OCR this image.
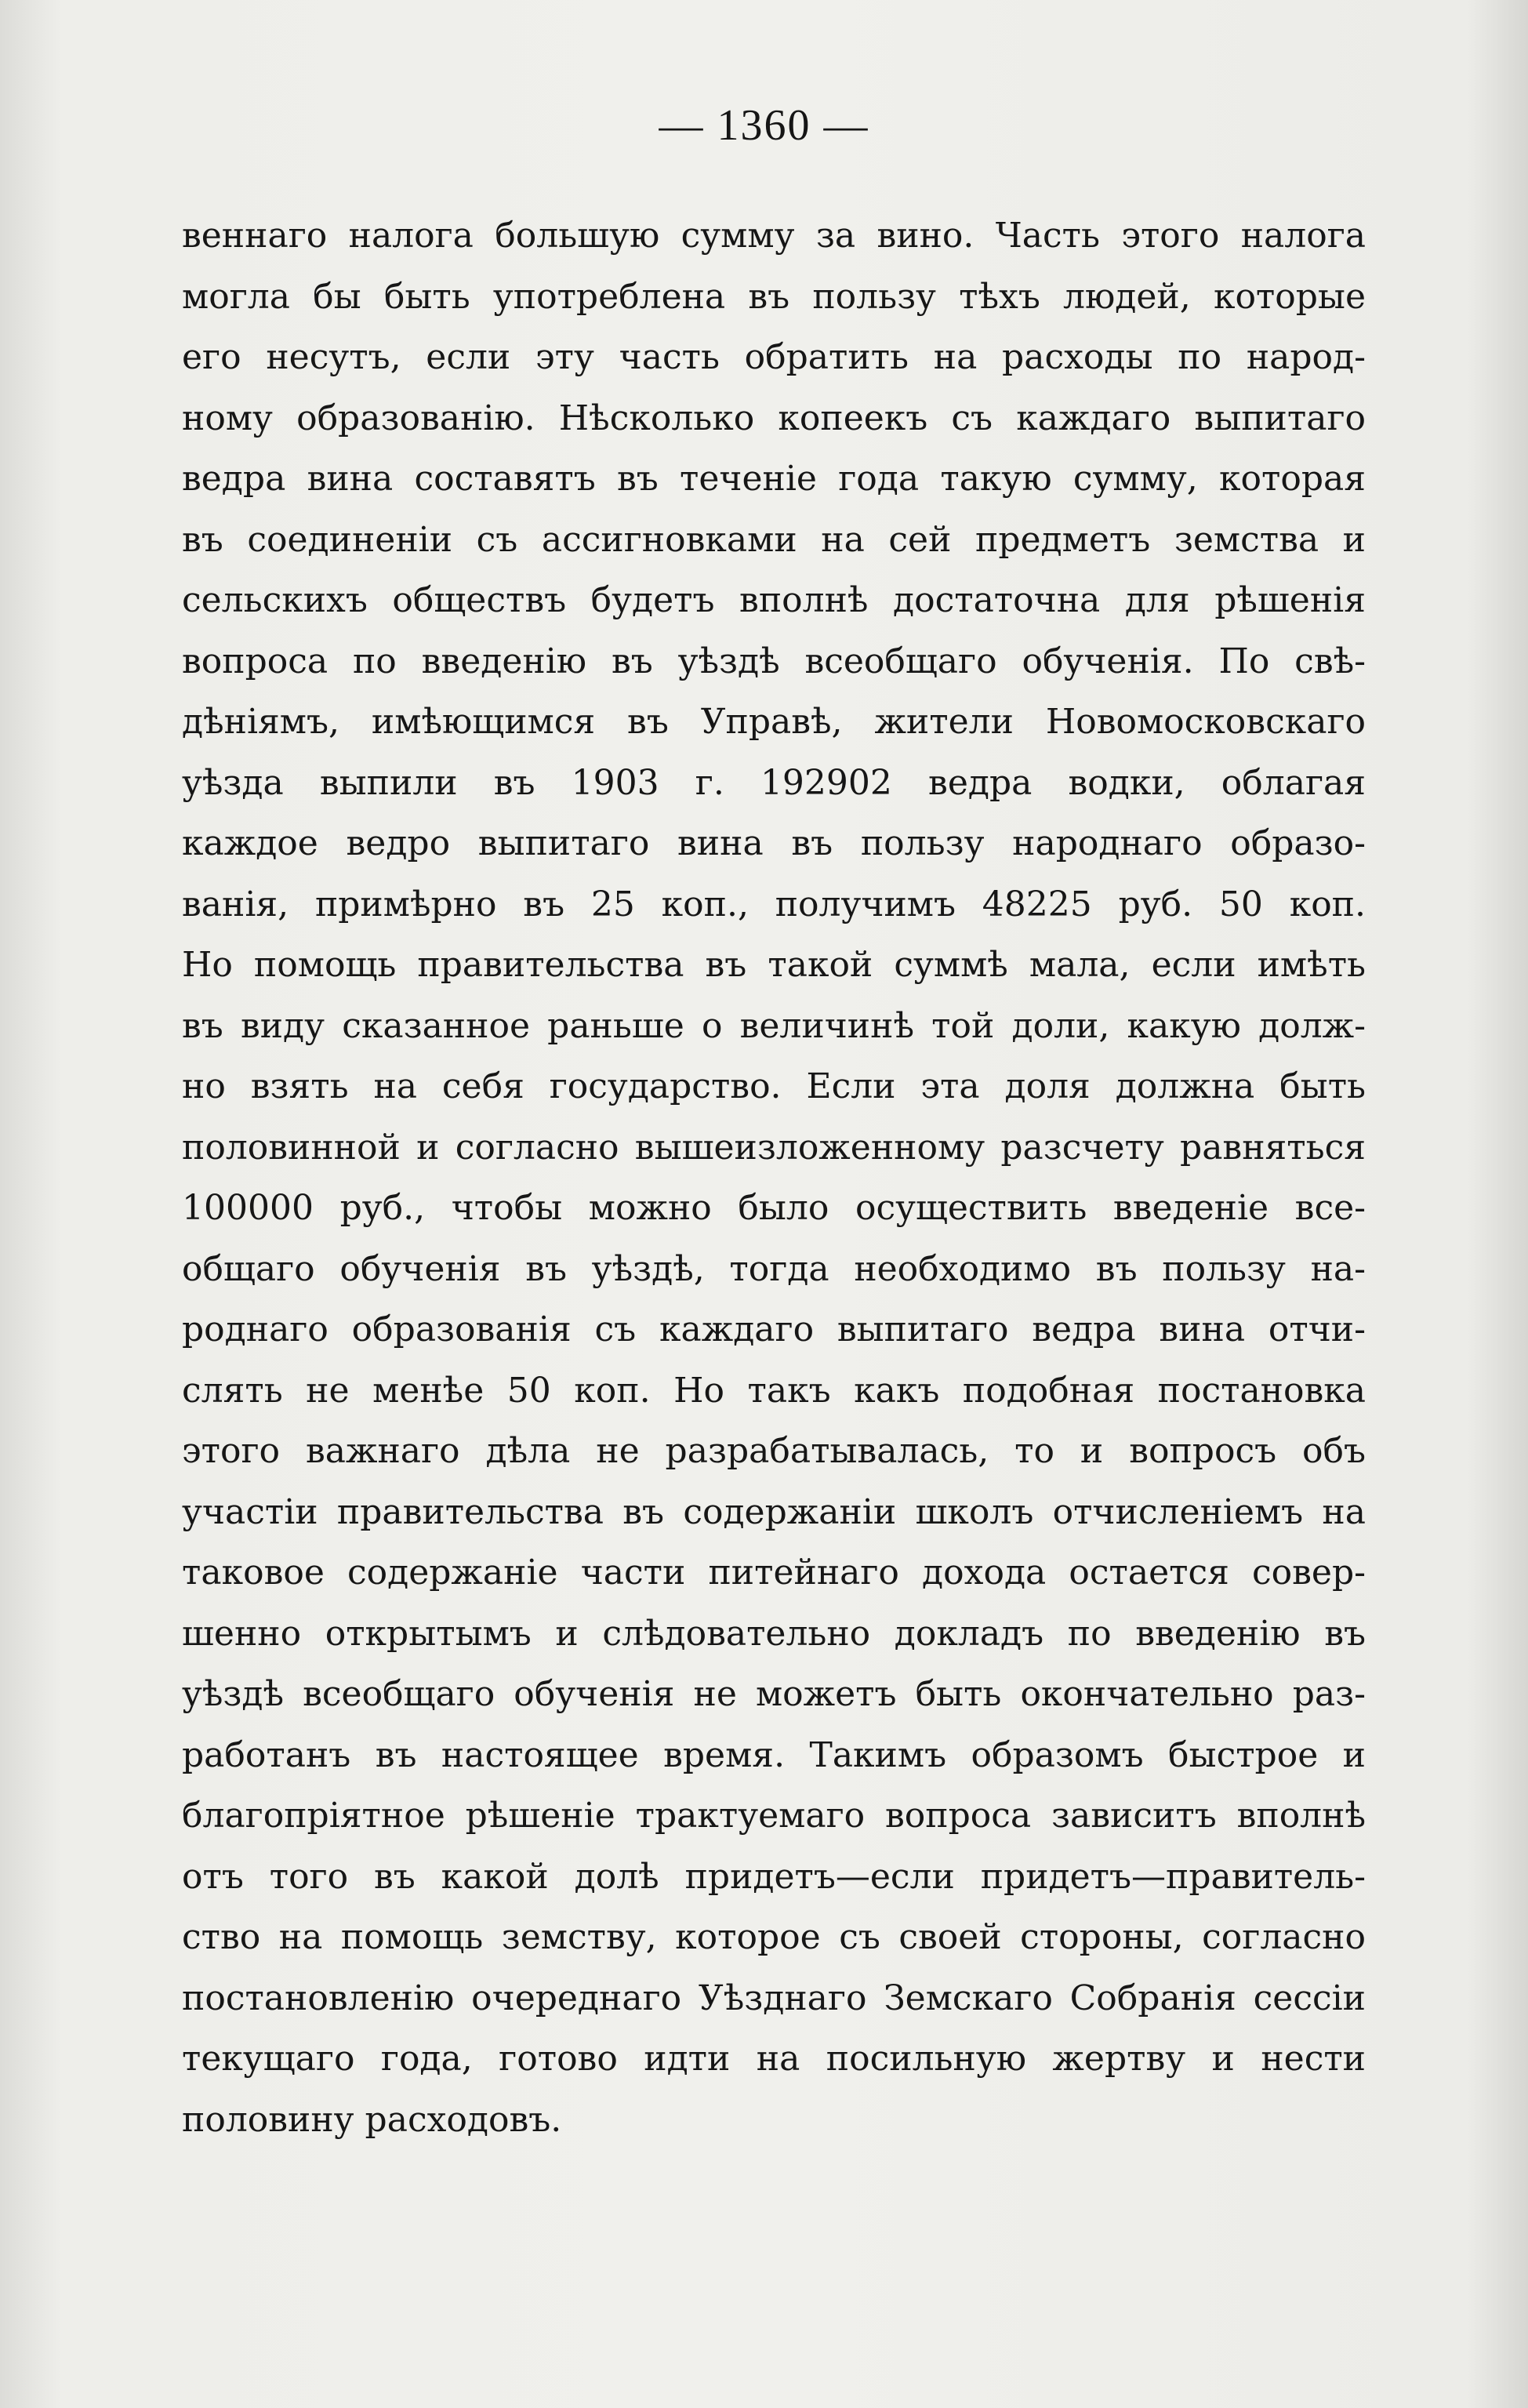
— 1360 —
веннаго налога большую сумму за вино. Часть этого налога
могла бы быть употреблена въ пользу тѣхъ людей, которые
его несутъ, если эту часть обратить на расходы по народ-
ному образованію. Нѣсколько копеекъ съ каждаго выпитаго
ведра вина составятъ въ теченіе года такую сумму, которая
въ соединеніи съ ассигновками на сей предметъ земства и
сельскихъ обществъ будетъ вполнѣ достаточна для рѣшенія
вопроса по введенію въ уѣздѣ всеобщаго обученія. По свѣ-
дѣніямъ, имѣющимся въ Управѣ, жители Новомосковскаго
уѣзда выпили въ 1903 г. 192902 ведра водки, облагая
каждое ведро выпитаго вина въ пользу народнаго образо-
ванія, примѣрно въ 25 коп., получимъ 48225 руб. 50 коп.
Но помощь правительства въ такой суммѣ мала, если имѣть
въ виду сказанное раньше о величинѣ той доли, какую долж-
но взять на себя государство. Если эта доля должна быть
половинной и согласно вышеизложенному разсчету равняться
100000 руб., чтобы можно было осуществить введеніе все-
общаго обученія въ уѣздѣ, тогда необходимо въ пользу на-
роднаго образованія съ каждаго выпитаго ведра вина отчи-
слять не менѣе 50 коп. Но такъ какъ подобная постановка
этого важнаго дѣла не разрабатывалась, то и вопросъ объ
участіи правительства въ содержаніи школъ отчисленіемъ на
таковое содержаніе части питейнаго дохода остается совер-
шенно открытымъ и слѣдовательно докладъ по введенію въ
уѣздѣ всеобщаго обученія не можетъ быть окончательно раз-
работанъ въ настоящее время. Такимъ образомъ быстрое и
благопріятное рѣшеніе трактуемаго вопроса зависитъ вполнѣ
отъ того въ какой долѣ придетъ—если придетъ—правитель-
ство на помощь земству, которое съ своей стороны, согласно
постановленію очереднаго Уѣзднаго Земскаго Собранія сессіи
текущаго года, готово идти на посильную жертву и нести
половину расходовъ.
